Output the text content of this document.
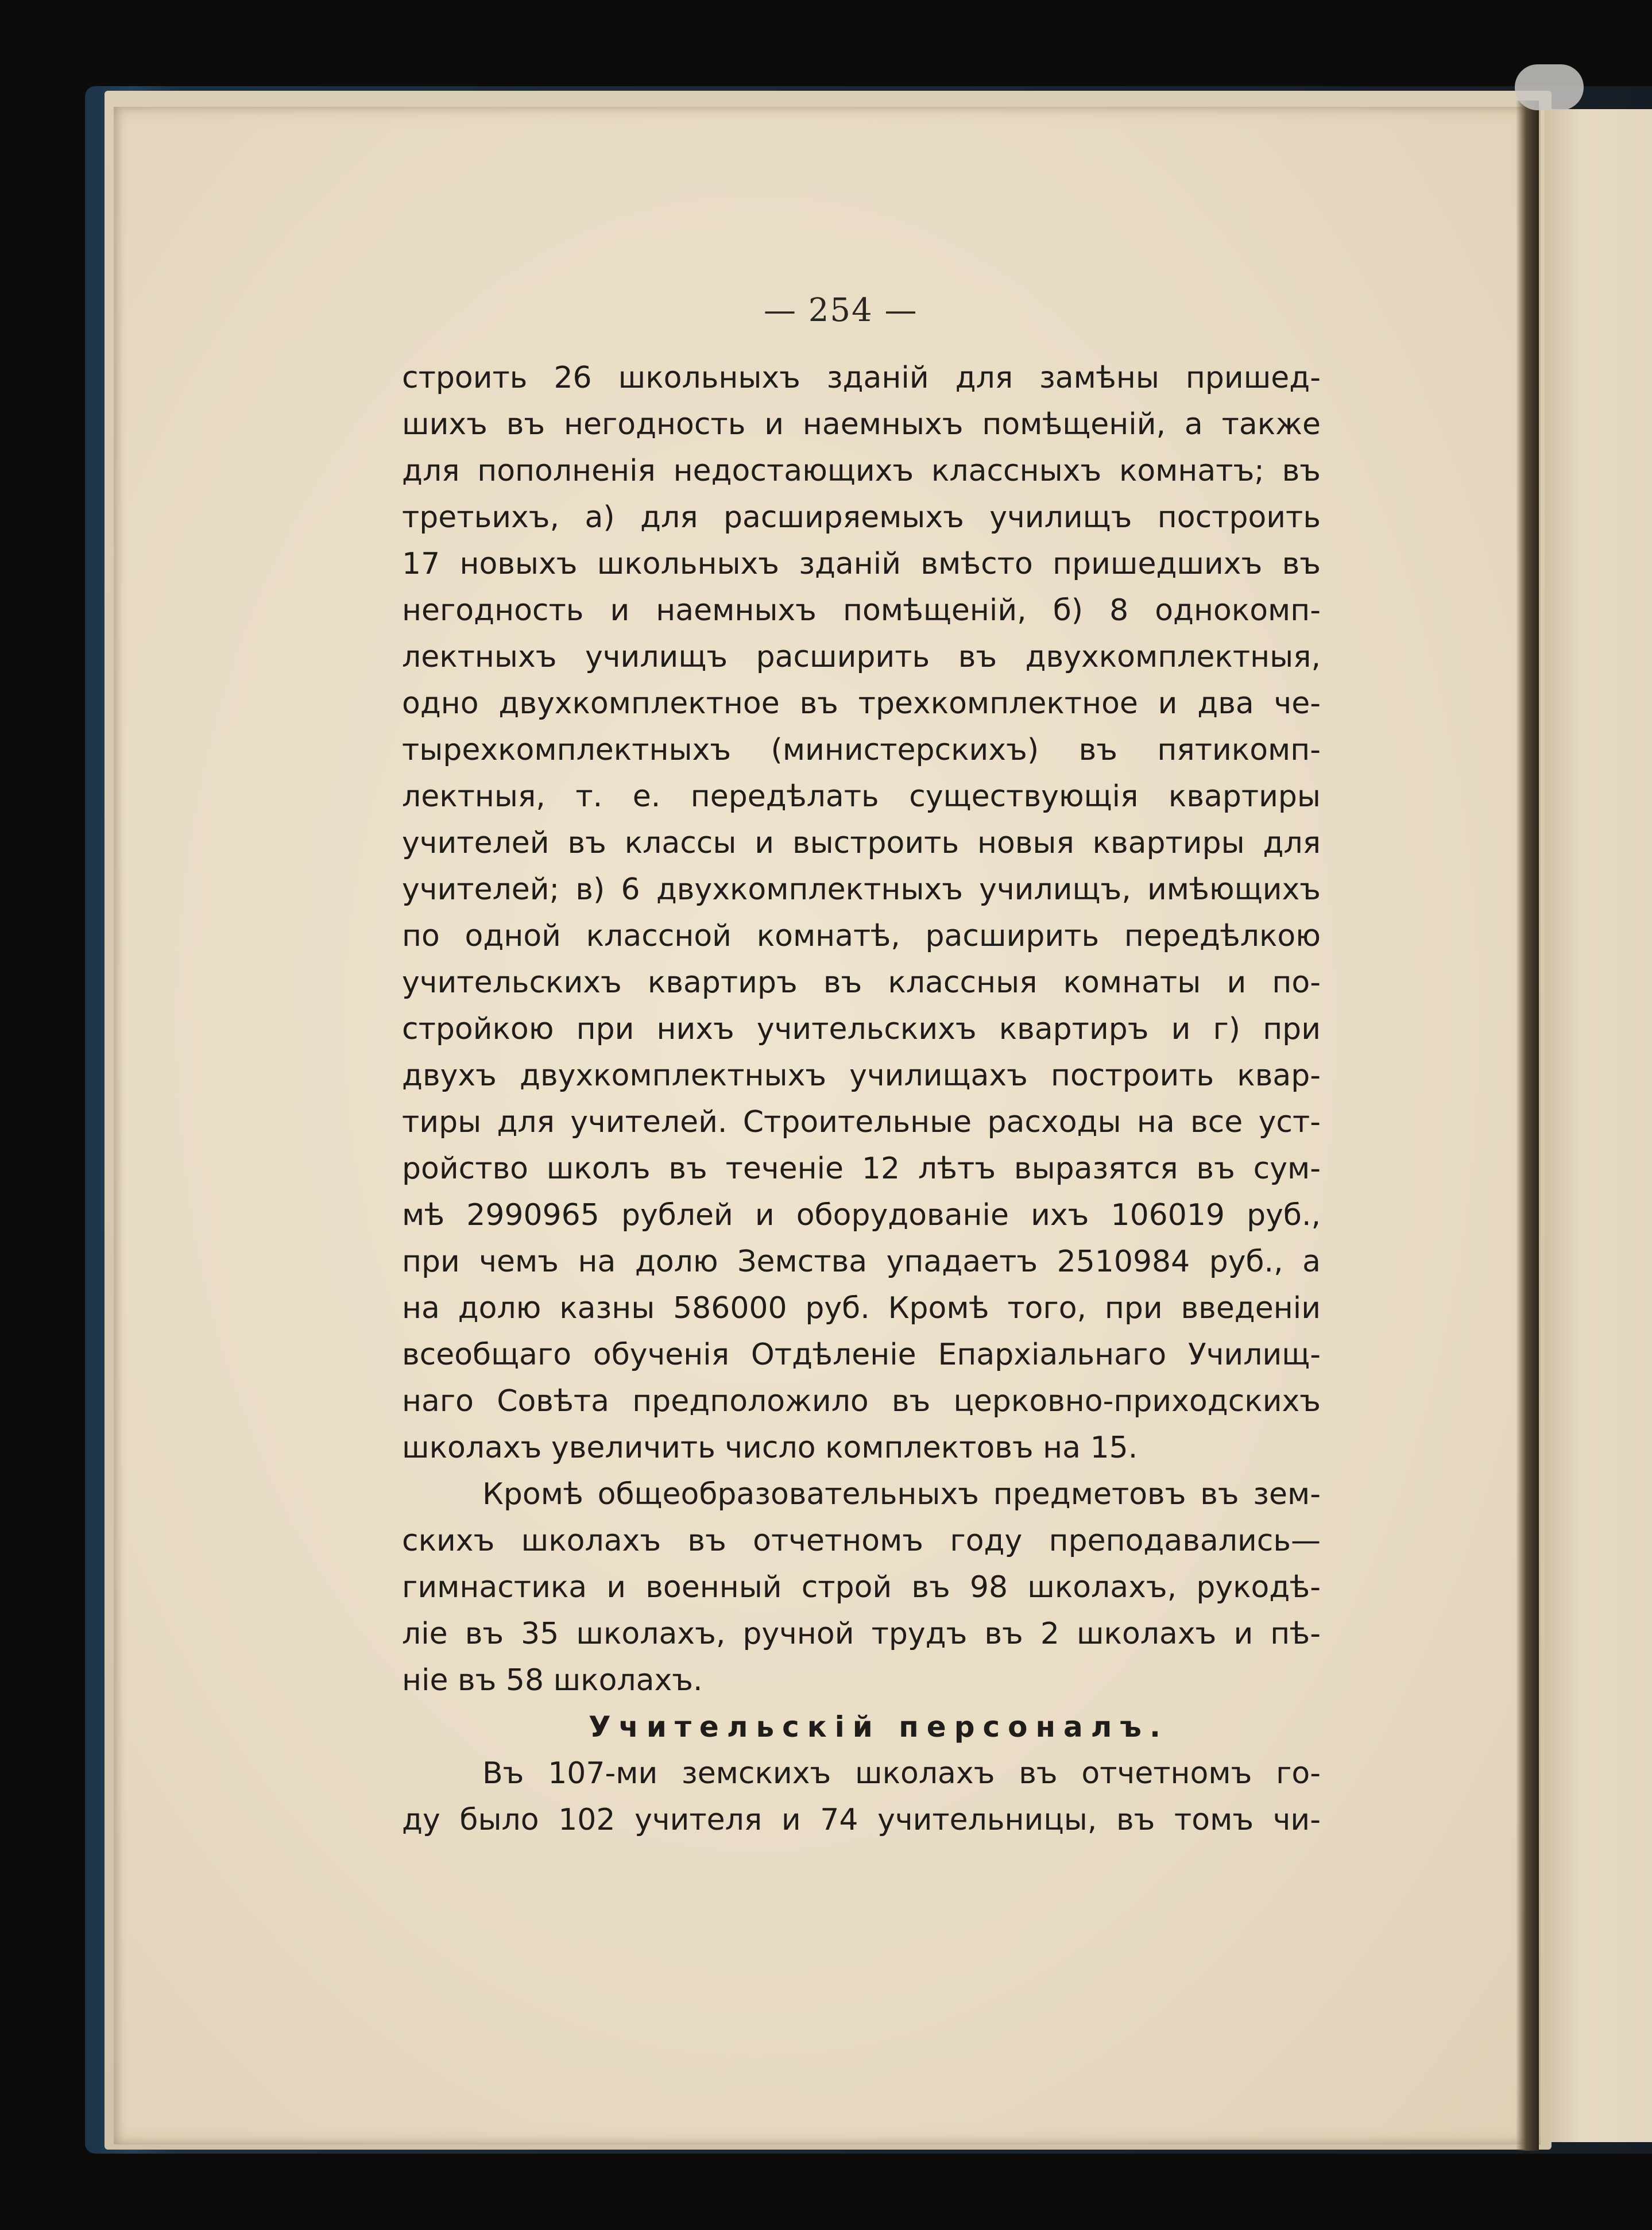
— 254 —
строить 26 школьныхъ зданій для замѣны пришед-
шихъ въ негодность и наемныхъ помѣщеній, а также
для пополненія недостающихъ классныхъ комнатъ; въ
третьихъ, а) для расширяемыхъ училищъ построить
17 новыхъ школьныхъ зданій вмѣсто пришедшихъ въ
негодность и наемныхъ помѣщеній, б) 8 однокомп-
лектныхъ училищъ расширить въ двухкомплектныя,
одно двухкомплектное въ трехкомплектное и два че-
тырехкомплектныхъ (министерскихъ) въ пятикомп-
лектныя, т. е. передѣлать существующія квартиры
учителей въ классы и выстроить новыя квартиры для
учителей; в) 6 двухкомплектныхъ училищъ, имѣющихъ
по одной классной комнатѣ, расширить передѣлкою
учительскихъ квартиръ въ классныя комнаты и по-
стройкою при нихъ учительскихъ квартиръ и г) при
двухъ двухкомплектныхъ училищахъ построить квар-
тиры для учителей. Строительные расходы на все уст-
ройство школъ въ теченіе 12 лѣтъ выразятся въ сум-
мѣ 2990965 рублей и оборудованіе ихъ 106019 руб.,
при чемъ на долю Земства упадаетъ 2510984 руб., а
на долю казны 586000 руб. Кромѣ того, при введеніи
всеобщаго обученія Отдѣленіе Епархіальнаго Училищ-
наго Совѣта предположило въ церковно-приходскихъ
школахъ увеличить число комплектовъ на 15.
Кромѣ общеобразовательныхъ предметовъ въ зем-
скихъ школахъ въ отчетномъ году преподавались—
гимнастика и военный строй въ 98 школахъ, рукодѣ-
ліе въ 35 школахъ, ручной трудъ въ 2 школахъ и пѣ-
ніе въ 58 школахъ.
Учительскій персоналъ.
Въ 107-ми земскихъ школахъ въ отчетномъ го-
ду было 102 учителя и 74 учительницы, въ томъ чи-
